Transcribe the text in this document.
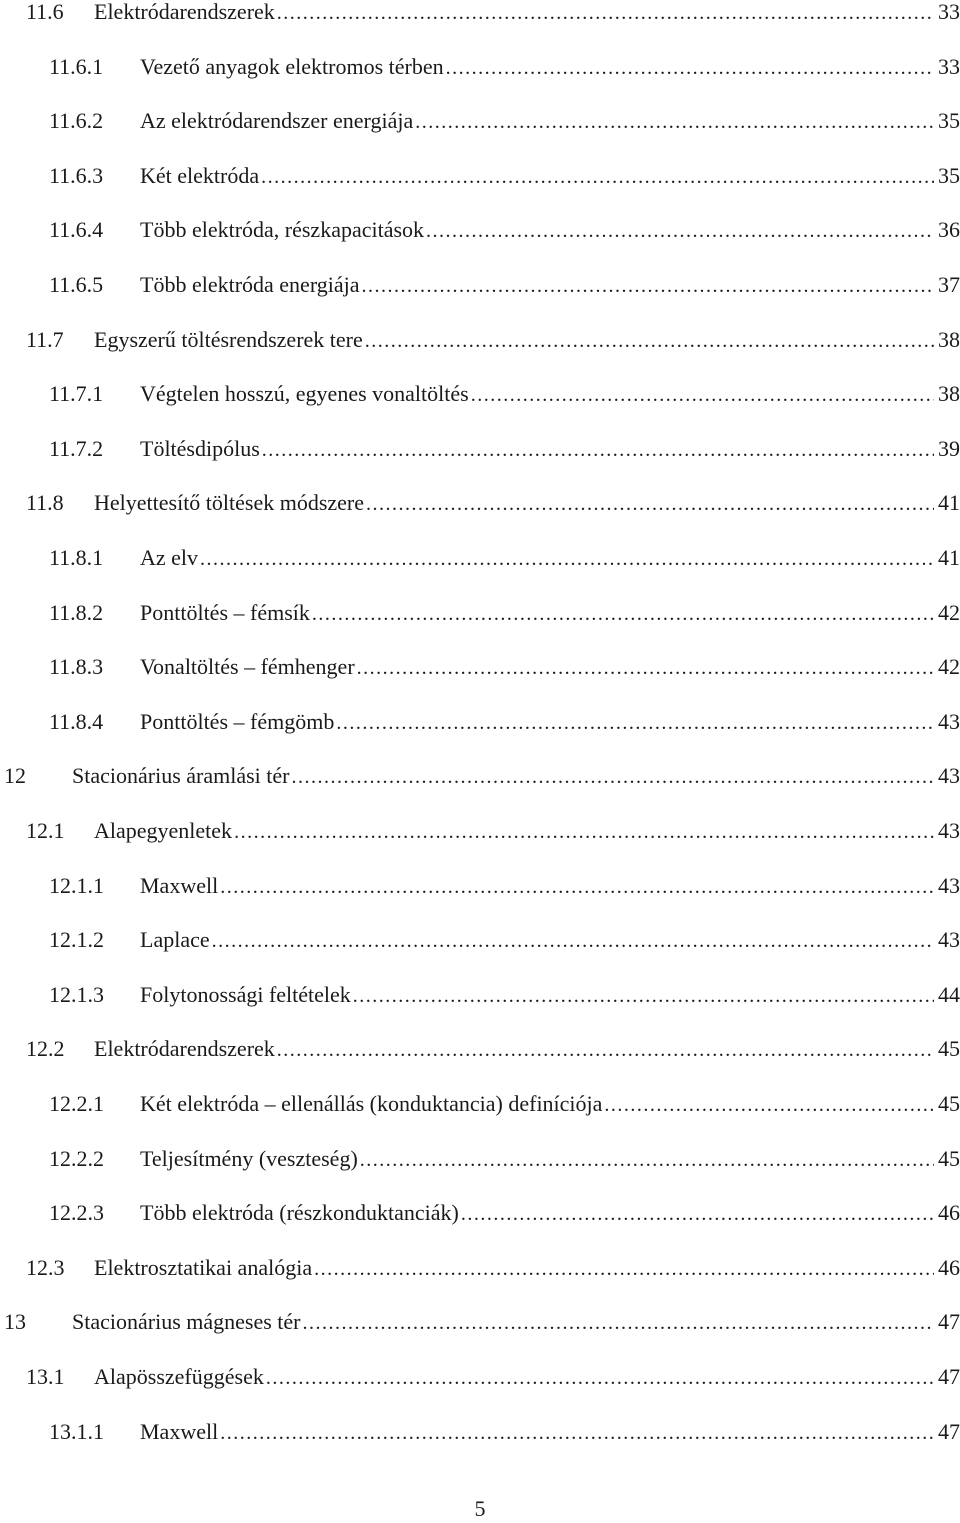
11.6 Elektródarendszerek .....	33
11.6.1 Vezető anyagok elektromos térben .....	33
11.6.2 Az elektródarendszer energiája .....	35
11.6.3 Két elektróda .....	35
11.6.4 Több elektróda, részkapacitások .....	36
11.6.5 Több elektróda energiája .....	37
11.7 Egyszerű töltésrendszerek tere .....	38
11.7.1 Végtelen hosszú, egyenes vonaltöltés .....	38
11.7.2 Töltésdipólus .....	39
11.8 Helyettesítő töltések módszere .....	41
11.8.1 Az elv .....	41
11.8.2 Ponttöltés – fémsík .....	42
11.8.3 Vonaltöltés – fémhenger .....	42
11.8.4 Ponttöltés – fémgömb .....	43
12 Stacionárius áramlási tér .....	43
12.1 Alapegyenletek .....	43
12.1.1 Maxwell .....	43
12.1.2 Laplace .....	43
12.1.3 Folytonossági feltételek .....	44
12.2 Elektródarendszerek .....	45
12.2.1 Két elektróda – ellenállás (konduktancia) definíciója .....	45
12.2.2 Teljesítmény (veszteség) .....	45
12.2.3 Több elektróda (részkonduktanciák) .....	46
12.3 Elektrosztatikai analógia .....	46
13 Stacionárius mágneses tér .....	47
13.1 Alapösszefüggések .....	47
13.1.1 Maxwell .....	47
5
